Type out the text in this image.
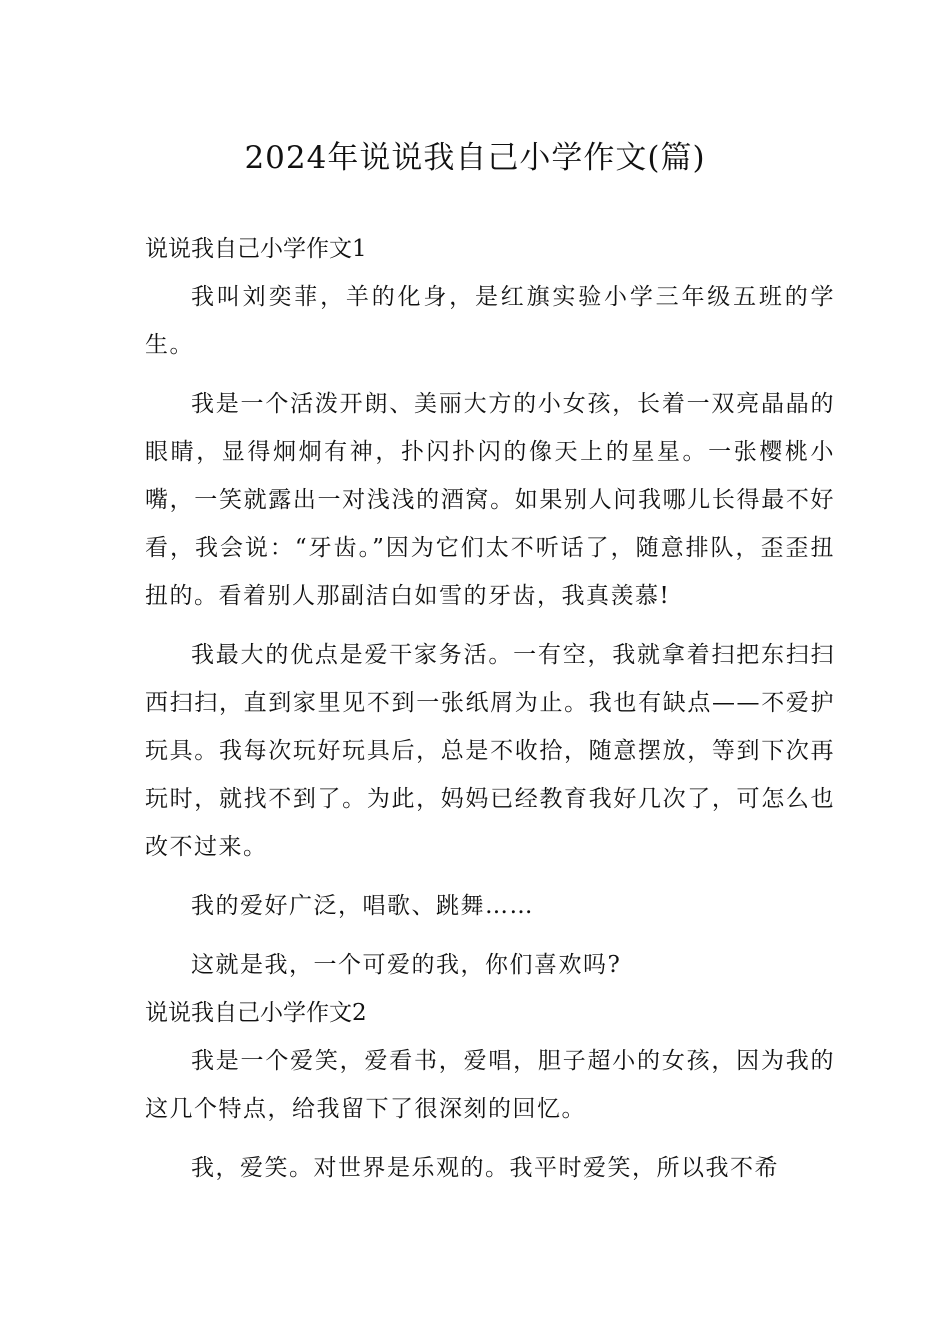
2024年说说我自己小学作文(篇)
说说我自己小学作文1

我叫刘奕菲，羊的化身，是红旗实验小学三年级五班的学生。

我是一个活泼开朗、美丽大方的小女孩，长着一双亮晶晶的眼睛，显得炯炯有神，扑闪扑闪的像天上的星星。一张樱桃小嘴，一笑就露出一对浅浅的酒窝。如果别人问我哪儿长得最不好看，我会说：“牙齿。”因为它们太不听话了，随意排队，歪歪扭扭的。看着别人那副洁白如雪的牙齿，我真羡慕!

我最大的优点是爱干家务活。一有空，我就拿着扫把东扫扫西扫扫，直到家里见不到一张纸屑为止。我也有缺点——不爱护玩具。我每次玩好玩具后，总是不收拾，随意摆放，等到下次再玩时，就找不到了。为此，妈妈已经教育我好几次了，可怎么也改不过来。

我的爱好广泛，唱歌、跳舞……

这就是我，一个可爱的我，你们喜欢吗?

说说我自己小学作文2

我是一个爱笑，爱看书，爱唱，胆子超小的女孩，因为我的这几个特点，给我留下了很深刻的回忆。

我，爱笑。对世界是乐观的。我平时爱笑，所以我不希
